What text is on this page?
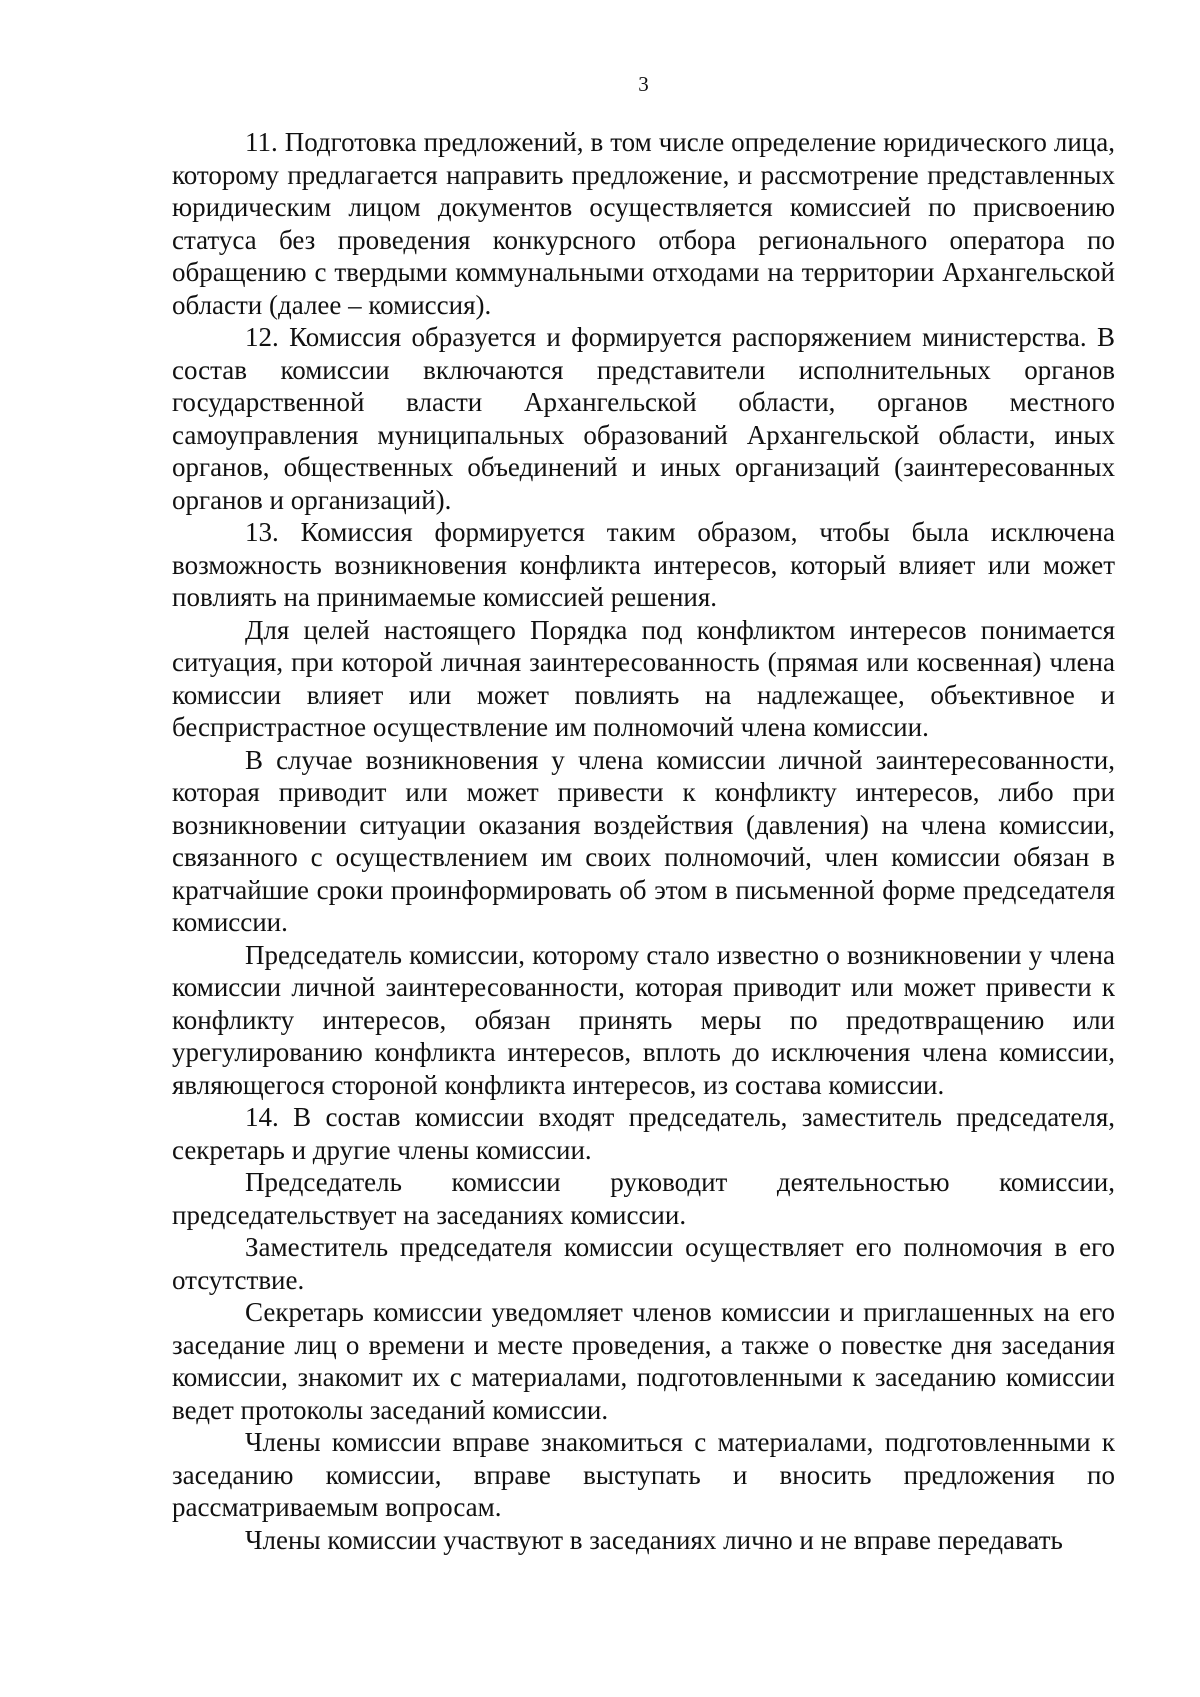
3

11. Подготовка предложений, в том числе определение юридического лица, которому предлагается направить предложение, и рассмотрение представленных юридическим лицом документов осуществляется комиссией по присвоению статуса без проведения конкурсного отбора регионального оператора по обращению с твердыми коммунальными отходами на территории Архангельской области (далее – комиссия).

12. Комиссия образуется и формируется распоряжением министерства. В состав комиссии включаются представители исполнительных органов государственной власти Архангельской области, органов местного самоуправления муниципальных образований Архангельской области, иных органов, общественных объединений и иных организаций (заинтересованных органов и организаций).

13. Комиссия формируется таким образом, чтобы была исключена возможность возникновения конфликта интересов, который влияет или может повлиять на принимаемые комиссией решения.

Для целей настоящего Порядка под конфликтом интересов понимается ситуация, при которой личная заинтересованность (прямая или косвенная) члена комиссии влияет или может повлиять на надлежащее, объективное и беспристрастное осуществление им полномочий члена комиссии.

В случае возникновения у члена комиссии личной заинтересованности, которая приводит или может привести к конфликту интересов, либо при возникновении ситуации оказания воздействия (давления) на члена комиссии, связанного с осуществлением им своих полномочий, член комиссии обязан в кратчайшие сроки проинформировать об этом в письменной форме председателя комиссии.

Председатель комиссии, которому стало известно о возникновении у члена комиссии личной заинтересованности, которая приводит или может привести к конфликту интересов, обязан принять меры по предотвращению или урегулированию конфликта интересов, вплоть до исключения члена комиссии, являющегося стороной конфликта интересов, из состава комиссии.

14. В состав комиссии входят председатель, заместитель председателя, секретарь и другие члены комиссии.

Председатель комиссии руководит деятельностью комиссии, председательствует на заседаниях комиссии.

Заместитель председателя комиссии осуществляет его полномочия в его отсутствие.

Секретарь комиссии уведомляет членов комиссии и приглашенных на его заседание лиц о времени и месте проведения, а также о повестке дня заседания комиссии, знакомит их с материалами, подготовленными к заседанию комиссии ведет протоколы заседаний комиссии.

Члены комиссии вправе знакомиться с материалами, подготовленными к заседанию комиссии, вправе выступать и вносить предложения по рассматриваемым вопросам.

Члены комиссии участвуют в заседаниях лично и не вправе передавать
